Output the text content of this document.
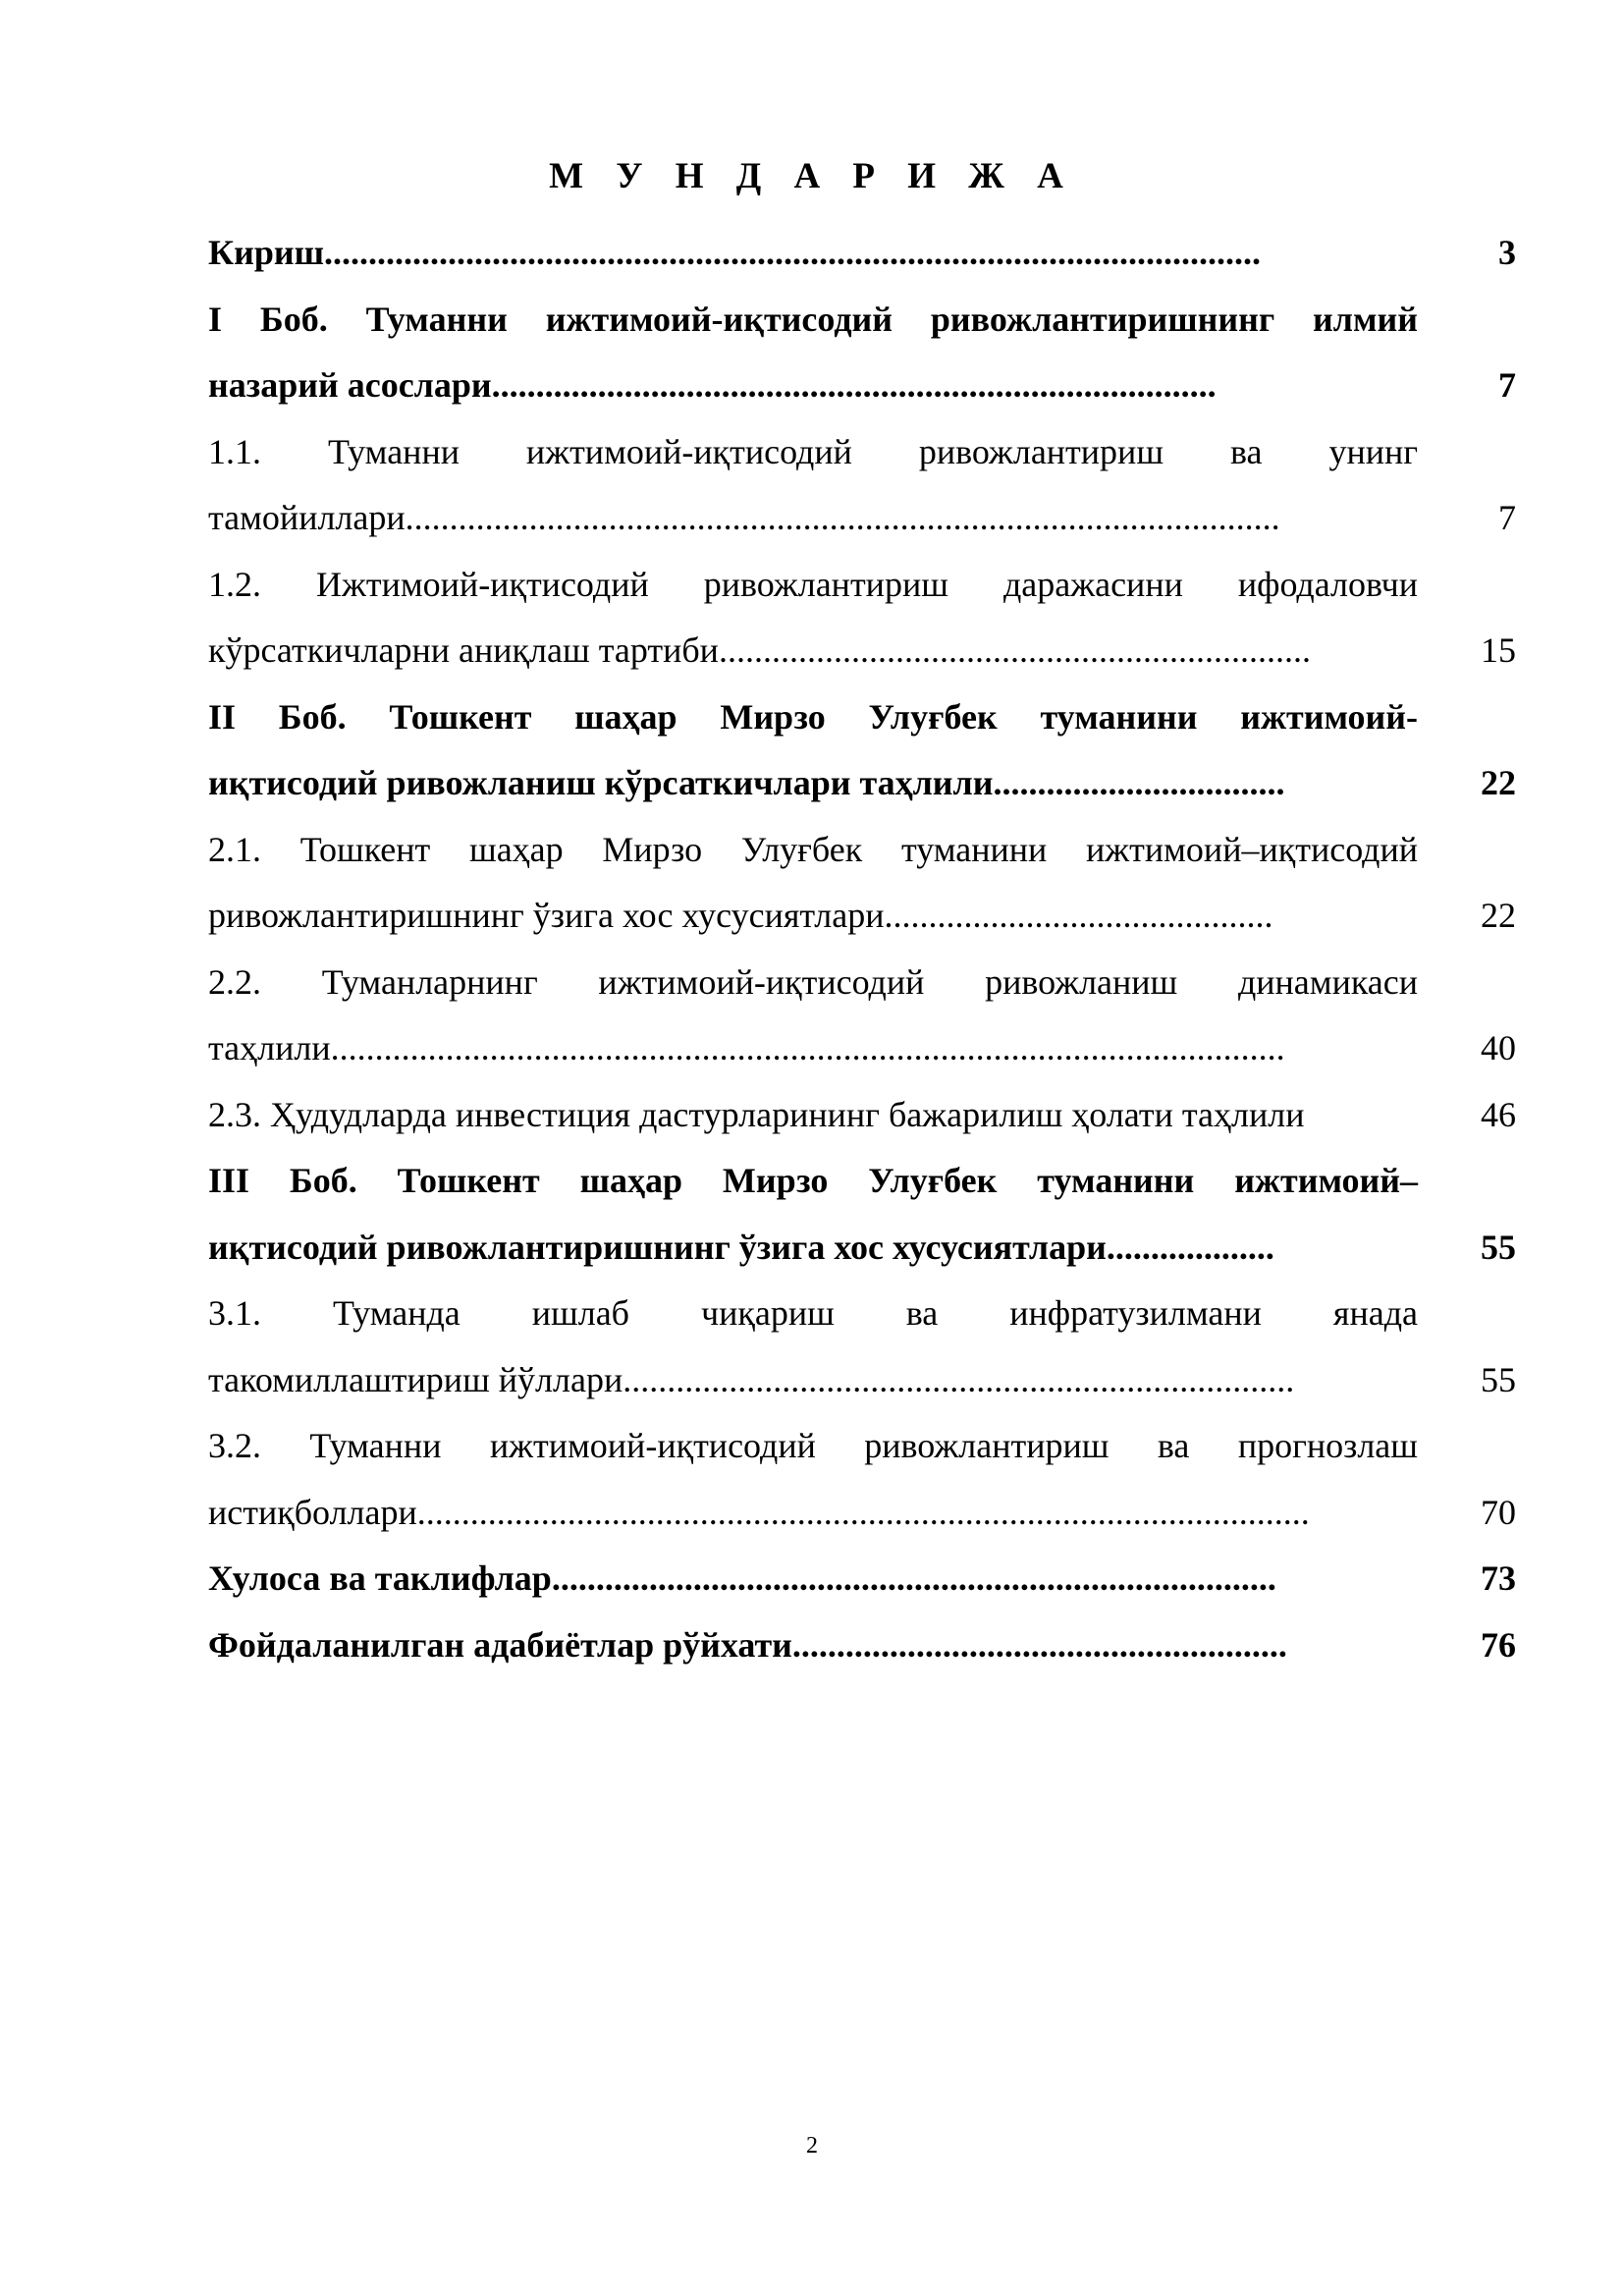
М У Н Д А Р И Ж А
Кириш..........................................................................................................	3
I Боб. Туманни ижтимоий-иқтисодий ривожлантиришнинг илмий
назарий асослари..................................................................................	7
1.1. Туманни ижтимоий-иқтисодий ривожлантириш ва унинг
тамойиллари...................................................................................................	7
1.2. Ижтимоий-иқтисодий ривожлантириш даражасини ифодаловчи
кўрсаткичларни аниқлаш тартиби...................................................................	15
II Боб. Тошкент шаҳар Мирзо Улуғбек туманини ижтимоий-
иқтисодий ривожланиш кўрсаткичлари таҳлили.................................	22
2.1. Тошкент шаҳар Мирзо Улуғбек туманини ижтимоий–иқтисодий
ривожлантиришнинг ўзига хос хусусиятлари............................................	22
2.2. Туманларнинг ижтимоий-иқтисодий ривожланиш динамикаси
таҳлили............................................................................................................	40
2.3. Ҳудудларда инвестиция дастурларининг бажарилиш ҳолати таҳлили	46
III Боб. Тошкент шаҳар Мирзо Улуғбек туманини ижтимоий–
иқтисодий ривожлантиришнинг ўзига хос хусусиятлари...................	55
3.1. Туманда ишлаб чиқариш ва инфратузилмани янада
такомиллаштириш йўллари............................................................................	55
3.2. Туманни ижтимоий-иқтисодий ривожлантириш ва прогнозлаш
истиқболлари.....................................................................................................	70
Хулоса ва таклифлар..................................................................................	73
Фойдаланилган адабиётлар рўйхати........................................................	76
2
